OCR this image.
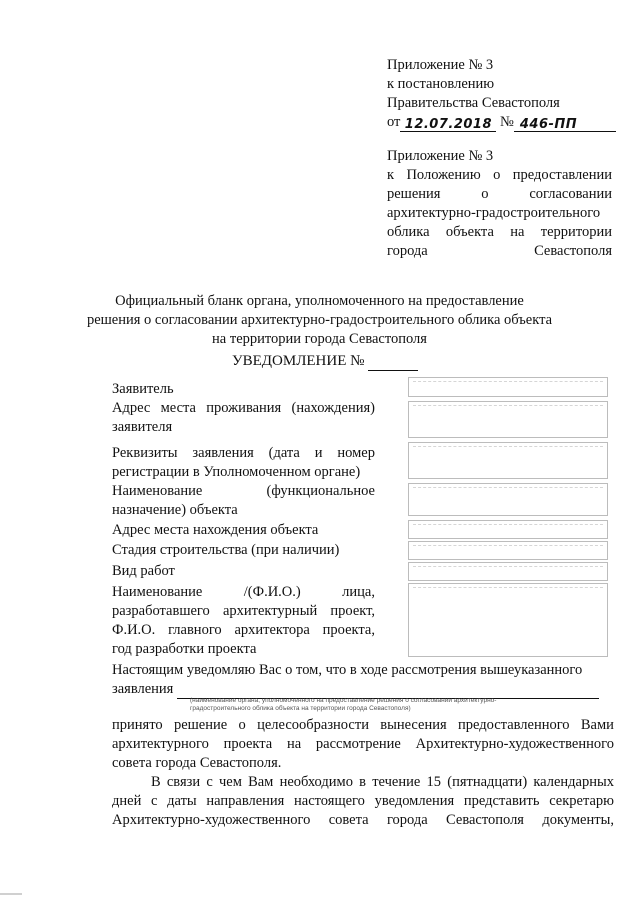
Приложение № 3
к постановлению
Правительства Севастополя
от 12.07.2018 № 446-ПП
Приложение № 3
к Положению о предоставлении
решения	о	согласовании
архитектурно-градостроительного
облика объекта на территории
города	Севастополя
Официальный бланк органа, уполномоченного на предоставление
решения о согласовании архитектурно-градостроительного облика объекта
на территории города Севастополя
УВЕДОМЛЕНИЕ №
Заявитель
Адрес места проживания (нахождения)
заявителя
Реквизиты заявления (дата и номер
регистрации в Уполномоченном органе)
Наименование	(функциональное
назначение) объекта
Адрес места нахождения объекта
Стадия строительства (при наличии)
Вид работ
Наименование	/(Ф.И.О.)	лица,
разработавшего архитектурный проект,
Ф.И.О. главного архитектора проекта,
год разработки проекта
Настоящим уведомляю Вас о том, что в ходе рассмотрения вышеуказанного
заявления
(наименование органа, уполномоченного на предоставление решения о согласовании архитектурно-
градостроительного облика объекта на территории города Севастополя)
принято решение о целесообразности вынесения предоставленного Вами
архитектурного проекта на рассмотрение Архитектурно-художественного
совета города Севастополя.
В связи с чем Вам необходимо в течение 15 (пятнадцати) календарных
дней с даты направления настоящего уведомления представить секретарю
Архитектурно-художественного совета города Севастополя документы,
